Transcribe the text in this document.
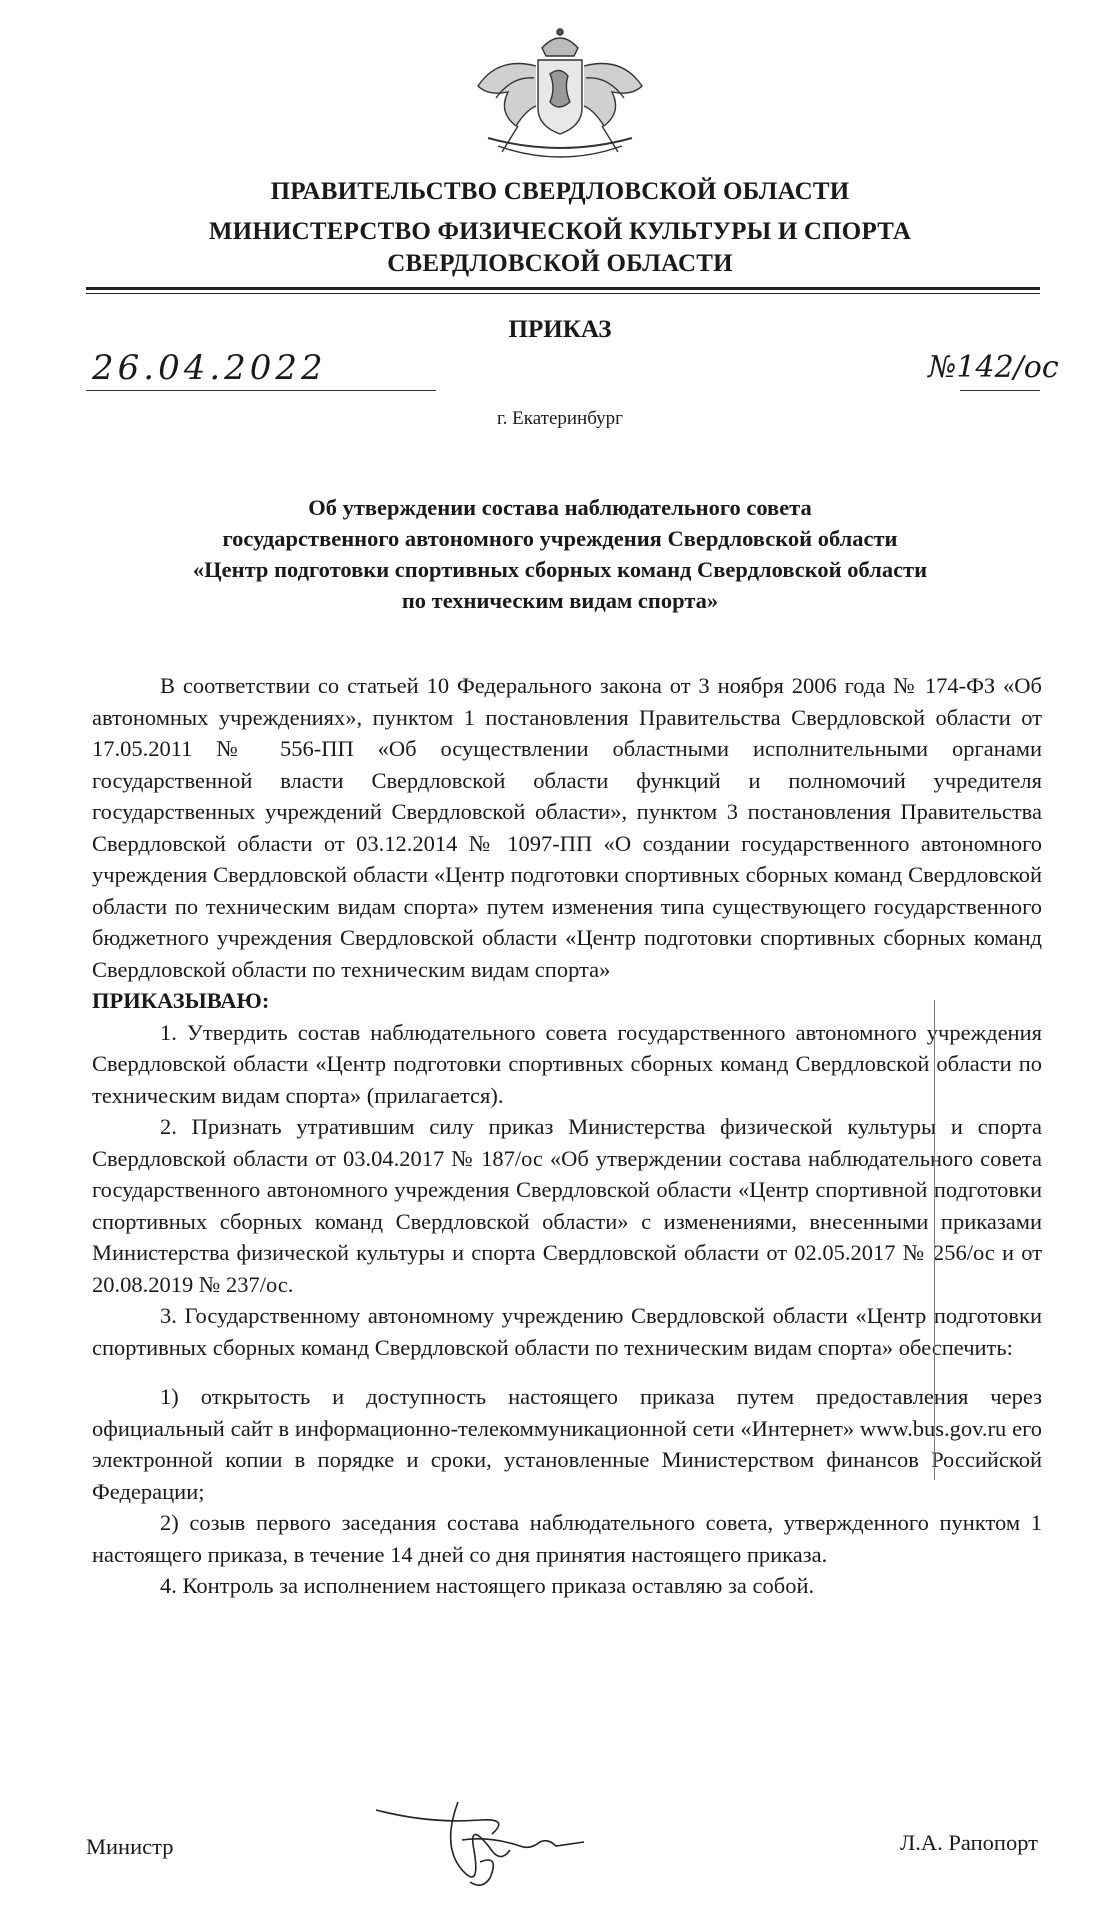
ПРАВИТЕЛЬСТВО СВЕРДЛОВСКОЙ ОБЛАСТИ
МИНИСТЕРСТВО ФИЗИЧЕСКОЙ КУЛЬТУРЫ И СПОРТА
СВЕРДЛОВСКОЙ ОБЛАСТИ
ПРИКАЗ
26.04.2022	№142/ос
г. Екатеринбург
Об утверждении состава наблюдательного совета
государственного автономного учреждения Свердловской области
«Центр подготовки спортивных сборных команд Свердловской области
по техническим видам спорта»

В соответствии со статьей 10 Федерального закона от 3 ноября 2006 года № 174-ФЗ «Об автономных учреждениях», пунктом 1 постановления Правительства Свердловской области от 17.05.2011 № 556-ПП «Об осуществлении областными исполнительными органами государственной власти Свердловской области функций и полномочий учредителя государственных учреждений Свердловской области», пунктом 3 постановления Правительства Свердловской области от 03.12.2014 № 1097-ПП «О создании государственного автономного учреждения Свердловской области «Центр подготовки спортивных сборных команд Свердловской области по техническим видам спорта» путем изменения типа существующего государственного бюджетного учреждения Свердловской области «Центр подготовки спортивных сборных команд Свердловской области по техническим видам спорта»

ПРИКАЗЫВАЮ:

1. Утвердить состав наблюдательного совета государственного автономного учреждения Свердловской области «Центр подготовки спортивных сборных команд Свердловской области по техническим видам спорта» (прилагается).

2. Признать утратившим силу приказ Министерства физической культуры и спорта Свердловской области от 03.04.2017 № 187/ос «Об утверждении состава наблюдательного совета государственного автономного учреждения Свердловской области «Центр спортивной подготовки спортивных сборных команд Свердловской области» с изменениями, внесенными приказами Министерства физической культуры и спорта Свердловской области от 02.05.2017 № 256/ос и от 20.08.2019 № 237/ос.

3. Государственному автономному учреждению Свердловской области «Центр подготовки спортивных сборных команд Свердловской области по техническим видам спорта» обеспечить:

1) открытость и доступность настоящего приказа путем предоставления через официальный сайт в информационно-телекоммуникационной сети «Интернет» www.bus.gov.ru его электронной копии в порядке и сроки, установленные Министерством финансов Российской Федерации;

2) созыв первого заседания состава наблюдательного совета, утвержденного пунктом 1 настоящего приказа, в течение 14 дней со дня принятия настоящего приказа.

4. Контроль за исполнением настоящего приказа оставляю за собой.

Министр	Л.А. Рапопорт
